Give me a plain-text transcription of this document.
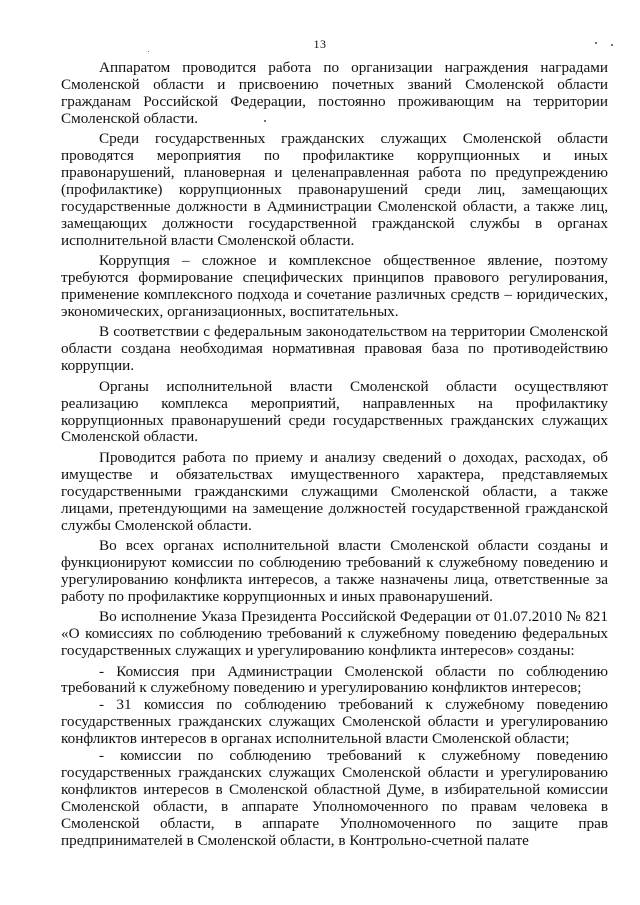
13

Аппаратом проводится работа по организации награждения наградами Смоленской области и присвоению почетных званий Смоленской области гражданам Российской Федерации, постоянно проживающим на территории Смоленской области.

Среди государственных гражданских служащих Смоленской области проводятся мероприятия по профилактике коррупционных и иных правонарушений, плановерная и целенаправленная работа по предупреждению (профилактике) коррупционных правонарушений среди лиц, замещающих государственные должности в Администрации Смоленской области, а также лиц, замещающих должности государственной гражданской службы в органах исполнительной власти Смоленской области.

Коррупция – сложное и комплексное общественное явление, поэтому требуются формирование специфических принципов правового регулирования, применение комплексного подхода и сочетание различных средств – юридических, экономических, организационных, воспитательных.

В соответствии с федеральным законодательством на территории Смоленской области создана необходимая нормативная правовая база по противодействию коррупции.

Органы исполнительной власти Смоленской области осуществляют реализацию комплекса мероприятий, направленных на профилактику коррупционных правонарушений среди государственных гражданских служащих Смоленской области.

Проводится работа по приему и анализу сведений о доходах, расходах, об имуществе и обязательствах имущественного характера, представляемых государственными гражданскими служащими Смоленской области, а также лицами, претендующими на замещение должностей государственной гражданской службы Смоленской области.

Во всех органах исполнительной власти Смоленской области созданы и функционируют комиссии по соблюдению требований к служебному поведению и урегулированию конфликта интересов, а также назначены лица, ответственные за работу по профилактике коррупционных и иных правонарушений.

Во исполнение Указа Президента Российской Федерации от 01.07.2010 № 821 «О комиссиях по соблюдению требований к служебному поведению федеральных государственных служащих и урегулированию конфликта интересов» созданы:

- Комиссия при Администрации Смоленской области по соблюдению требований к служебному поведению и урегулированию конфликтов интересов;

- 31 комиссия по соблюдению требований к служебному поведению государственных гражданских служащих Смоленской области и урегулированию конфликтов интересов в органах исполнительной власти Смоленской области;

- комиссии по соблюдению требований к служебному поведению государственных гражданских служащих Смоленской области и урегулированию конфликтов интересов в Смоленской областной Думе, в избирательной комиссии Смоленской области, в аппарате Уполномоченного по правам человека в Смоленской области, в аппарате Уполномоченного по защите прав предпринимателей в Смоленской области, в Контрольно-счетной палате
